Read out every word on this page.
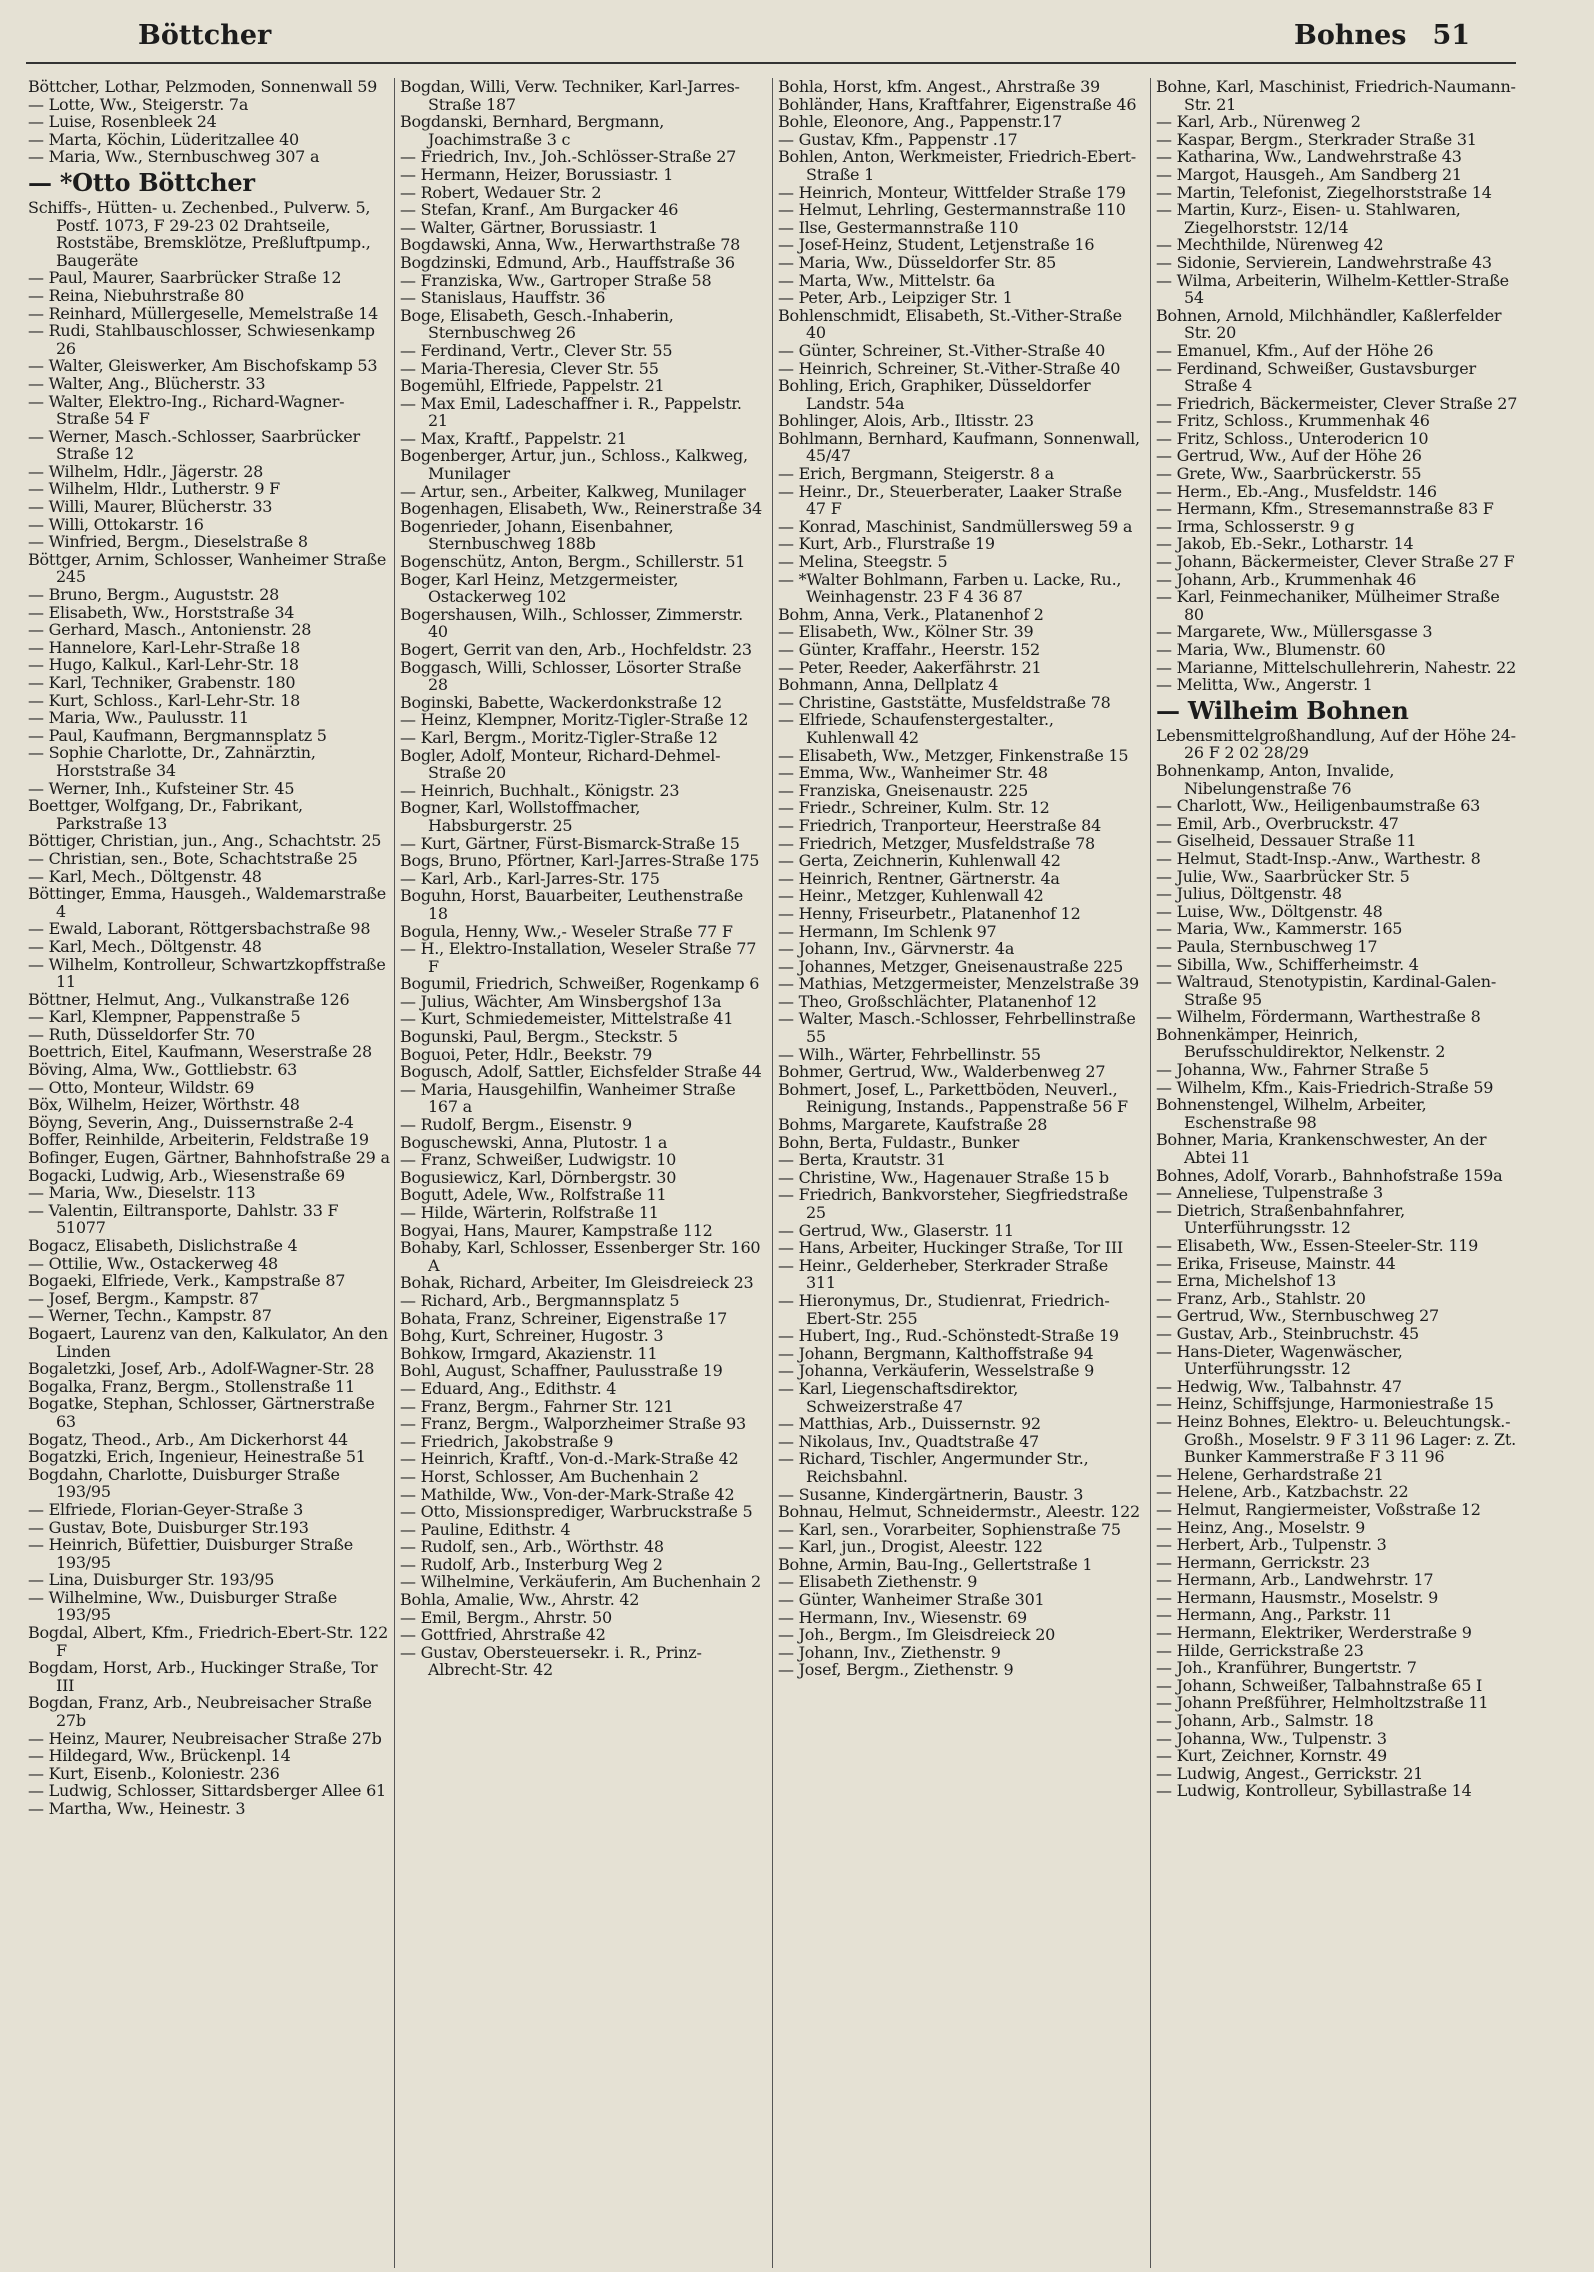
Böttcher	Bohnes 51
Böttcher, Lothar, Pelzmoden, Sonnenwall 59
— Lotte, Ww., Steigerstr. 7a
— Luise, Rosenbleek 24
— Marta, Köchin, Lüderitzallee 40
— Maria, Ww., Sternbuschweg 307 a
— *Otto Böttcher
Schiffs-, Hütten- u. Zechenbed., Pulverw. 5, Postf. 1073, F 29-23 02 Drahtseile, Roststäbe, Bremsklötze, Preßluftpump., Baugeräte
— Paul, Maurer, Saarbrücker Straße 12
— Reina, Niebuhrstraße 80
— Reinhard, Müllergeselle, Memelstraße 14
— Rudi, Stahlbauschlosser, Schwiesenkamp 26
— Walter, Gleiswerker, Am Bischofskamp 53
— Walter, Ang., Blücherstr. 33
— Walter, Elektro-Ing., Richard-Wagner-Straße 54 F
— Werner, Masch.-Schlosser, Saarbrücker Straße 12
— Wilhelm, Hdlr., Jägerstr. 28
— Wilhelm, Hldr., Lutherstr. 9 F
— Willi, Maurer, Blücherstr. 33
— Willi, Ottokarstr. 16
— Winfried, Bergm., Dieselstraße 8
Böttger, Arnim, Schlosser, Wanheimer Straße 245
— Bruno, Bergm., Auguststr. 28
— Elisabeth, Ww., Horststraße 34
— Gerhard, Masch., Antonienstr. 28
— Hannelore, Karl-Lehr-Straße 18
— Hugo, Kalkul., Karl-Lehr-Str. 18
— Karl, Techniker, Grabenstr. 180
— Kurt, Schloss., Karl-Lehr-Str. 18
— Maria, Ww., Paulusstr. 11
— Paul, Kaufmann, Bergmannsplatz 5
— Sophie Charlotte, Dr., Zahnärztin, Horststraße 34
— Werner, Inh., Kufsteiner Str. 45
Boettger, Wolfgang, Dr., Fabrikant, Parkstraße 13
Böttiger, Christian, jun., Ang., Schachtstr. 25
— Christian, sen., Bote, Schachtstraße 25
— Karl, Mech., Döltgenstr. 48
Böttinger, Emma, Hausgeh., Waldemarstraße 4
— Ewald, Laborant, Röttgersbachstraße 98
— Karl, Mech., Döltgenstr. 48
— Wilhelm, Kontrolleur, Schwartzkopffstraße 11
Böttner, Helmut, Ang., Vulkanstraße 126
— Karl, Klempner, Pappenstraße 5
— Ruth, Düsseldorfer Str. 70
Boettrich, Eitel, Kaufmann, Weserstraße 28
Böving, Alma, Ww., Gottliebstr. 63
— Otto, Monteur, Wildstr. 69
Böx, Wilhelm, Heizer, Wörthstr. 48
Böyng, Severin, Ang., Duissernstraße 2-4
Boffer, Reinhilde, Arbeiterin, Feldstraße 19
Bofinger, Eugen, Gärtner, Bahnhofstraße 29 a
Bogacki, Ludwig, Arb., Wiesenstraße 69
— Maria, Ww., Dieselstr. 113
— Valentin, Eiltransporte, Dahlstr. 33 F 51077
Bogacz, Elisabeth, Dislichstraße 4
— Ottilie, Ww., Ostackerweg 48
Bogaeki, Elfriede, Verk., Kampstraße 87
— Josef, Bergm., Kampstr. 87
— Werner, Techn., Kampstr. 87
Bogaert, Laurenz van den, Kalkulator, An den Linden
Bogaletzki, Josef, Arb., Adolf-Wagner-Str. 28
Bogalka, Franz, Bergm., Stollenstraße 11
Bogatke, Stephan, Schlosser, Gärtnerstraße 63
Bogatz, Theod., Arb., Am Dickerhorst 44
Bogatzki, Erich, Ingenieur, Heinestraße 51
Bogdahn, Charlotte, Duisburger Straße 193/95
— Elfriede, Florian-Geyer-Straße 3
— Gustav, Bote, Duisburger Str.193
— Heinrich, Büfettier, Duisburger Straße 193/95
— Lina, Duisburger Str. 193/95
— Wilhelmine, Ww., Duisburger Straße 193/95
Bogdal, Albert, Kfm., Friedrich-Ebert-Str. 122 F
Bogdam, Horst, Arb., Huckinger Straße, Tor III
Bogdan, Franz, Arb., Neubreisacher Straße 27b
— Heinz, Maurer, Neubreisacher Straße 27b
— Hildegard, Ww., Brückenpl. 14
— Kurt, Eisenb., Koloniestr. 236
— Ludwig, Schlosser, Sittardsberger Allee 61
— Martha, Ww., Heinestr. 3
Bogdan, Willi, Verw. Techniker, Karl-Jarres-Straße 187
Bogdanski, Bernhard, Bergmann, Joachimstraße 3 c
— Friedrich, Inv., Joh.-Schlösser-Straße 27
— Hermann, Heizer, Borussiastr. 1
— Robert, Wedauer Str. 2
— Stefan, Kranf., Am Burgacker 46
— Walter, Gärtner, Borussiastr. 1
Bogdawski, Anna, Ww., Herwarthstraße 78
Bogdzinski, Edmund, Arb., Hauffstraße 36
— Franziska, Ww., Gartroper Straße 58
— Stanislaus, Hauffstr. 36
Boge, Elisabeth, Gesch.-Inhaberin, Sternbuschweg 26
— Ferdinand, Vertr., Clever Str. 55
— Maria-Theresia, Clever Str. 55
Bogemühl, Elfriede, Pappelstr. 21
— Max Emil, Ladeschaffner i. R., Pappelstr. 21
— Max, Kraftf., Pappelstr. 21
Bogenberger, Artur, jun., Schloss., Kalkweg, Munilager
— Artur, sen., Arbeiter, Kalkweg, Munilager
Bogenhagen, Elisabeth, Ww., Reinerstraße 34
Bogenrieder, Johann, Eisenbahner, Sternbuschweg 188b
Bogenschütz, Anton, Bergm., Schillerstr. 51
Boger, Karl Heinz, Metzgermeister, Ostackerweg 102
Bogershausen, Wilh., Schlosser, Zimmerstr. 40
Bogert, Gerrit van den, Arb., Hochfeldstr. 23
Boggasch, Willi, Schlosser, Lösorter Straße 28
Boginski, Babette, Wackerdonkstraße 12
— Heinz, Klempner, Moritz-Tigler-Straße 12
— Karl, Bergm., Moritz-Tigler-Straße 12
Bogler, Adolf, Monteur, Richard-Dehmel-Straße 20
— Heinrich, Buchhalt., Königstr. 23
Bogner, Karl, Wollstoffmacher, Habsburgerstr. 25
— Kurt, Gärtner, Fürst-Bismarck-Straße 15
Bogs, Bruno, Pförtner, Karl-Jarres-Straße 175
— Karl, Arb., Karl-Jarres-Str. 175
Boguhn, Horst, Bauarbeiter, Leuthenstraße 18
Bogula, Henny, Ww.,- Weseler Straße 77 F
— H., Elektro-Installation, Weseler Straße 77 F
Bogumil, Friedrich, Schweißer, Rogenkamp 6
— Julius, Wächter, Am Winsbergshof 13a
— Kurt, Schmiedemeister, Mittelstraße 41
Bogunski, Paul, Bergm., Steckstr. 5
Boguoi, Peter, Hdlr., Beekstr. 79
Bogusch, Adolf, Sattler, Eichsfelder Straße 44
— Maria, Hausgehilfin, Wanheimer Straße 167 a
— Rudolf, Bergm., Eisenstr. 9
Boguschewski, Anna, Plutostr. 1 a
— Franz, Schweißer, Ludwigstr. 10
Bogusiewicz, Karl, Dörnbergstr. 30
Bogutt, Adele, Ww., Rolfstraße 11
— Hilde, Wärterin, Rolfstraße 11
Bogyai, Hans, Maurer, Kampstraße 112
Bohaby, Karl, Schlosser, Essenberger Str. 160 A
Bohak, Richard, Arbeiter, Im Gleisdreieck 23
— Richard, Arb., Bergmannsplatz 5
Bohata, Franz, Schreiner, Eigenstraße 17
Bohg, Kurt, Schreiner, Hugostr. 3
Bohkow, Irmgard, Akazienstr. 11
Bohl, August, Schaffner, Paulusstraße 19
— Eduard, Ang., Edithstr. 4
— Franz, Bergm., Fahrner Str. 121
— Franz, Bergm., Walporzheimer Straße 93
— Friedrich, Jakobstraße 9
— Heinrich, Kraftf., Von-d.-Mark-Straße 42
— Horst, Schlosser, Am Buchenhain 2
— Mathilde, Ww., Von-der-Mark-Straße 42
— Otto, Missionsprediger, Warbruckstraße 5
— Pauline, Edithstr. 4
— Rudolf, sen., Arb., Wörthstr. 48
— Rudolf, Arb., Insterburg Weg 2
— Wilhelmine, Verkäuferin, Am Buchenhain 2
Bohla, Amalie, Ww., Ahrstr. 42
— Emil, Bergm., Ahrstr. 50
— Gottfried, Ahrstraße 42
— Gustav, Obersteuersekr. i. R., Prinz-Albrecht-Str. 42
Bohla, Horst, kfm. Angest., Ahrstraße 39
Bohländer, Hans, Kraftfahrer, Eigenstraße 46
Bohle, Eleonore, Ang., Pappenstr.17
— Gustav, Kfm., Pappenstr .17
Bohlen, Anton, Werkmeister, Friedrich-Ebert-Straße 1
— Heinrich, Monteur, Wittfelder Straße 179
— Helmut, Lehrling, Gestermannstraße 110
— Ilse, Gestermannstraße 110
— Josef-Heinz, Student, Letjenstraße 16
— Maria, Ww., Düsseldorfer Str. 85
— Marta, Ww., Mittelstr. 6a
— Peter, Arb., Leipziger Str. 1
Bohlenschmidt, Elisabeth, St.-Vither-Straße 40
— Günter, Schreiner, St.-Vither-Straße 40
— Heinrich, Schreiner, St.-Vither-Straße 40
Bohling, Erich, Graphiker, Düsseldorfer Landstr. 54a
Bohlinger, Alois, Arb., Iltisstr. 23
Bohlmann, Bernhard, Kaufmann, Sonnenwall, 45/47
— Erich, Bergmann, Steigerstr. 8 a
— Heinr., Dr., Steuerberater, Laaker Straße 47 F
— Konrad, Maschinist, Sandmüllersweg 59 a
— Kurt, Arb., Flurstraße 19
— Melina, Steegstr. 5
— *Walter Bohlmann, Farben u. Lacke, Ru., Weinhagenstr. 23 F 4 36 87
Bohm, Anna, Verk., Platanenhof 2
— Elisabeth, Ww., Kölner Str. 39
— Günter, Kraffahr., Heerstr. 152
— Peter, Reeder, Aakerfährstr. 21
Bohmann, Anna, Dellplatz 4
— Christine, Gaststätte, Musfeldstraße 78
— Elfriede, Schaufenstergestalter., Kuhlenwall 42
— Elisabeth, Ww., Metzger, Finkenstraße 15
— Emma, Ww., Wanheimer Str. 48
— Franziska, Gneisenaustr. 225
— Friedr., Schreiner, Kulm. Str. 12
— Friedrich, Tranporteur, Heerstraße 84
— Friedrich, Metzger, Musfeldstraße 78
— Gerta, Zeichnerin, Kuhlenwall 42
— Heinrich, Rentner, Gärtnerstr. 4a
— Heinr., Metzger, Kuhlenwall 42
— Henny, Friseurbetr., Platanenhof 12
— Hermann, Im Schlenk 97
— Johann, Inv., Gärvnerstr. 4a
— Johannes, Metzger, Gneisenaustraße 225
— Mathias, Metzgermeister, Menzelstraße 39
— Theo, Großschlächter, Platanenhof 12
— Walter, Masch.-Schlosser, Fehrbellinstraße 55
— Wilh., Wärter, Fehrbellinstr. 55
Bohmer, Gertrud, Ww., Walderbenweg 27
Bohmert, Josef, L., Parkettböden, Neuverl., Reinigung, Instands., Pappenstraße 56 F
Bohms, Margarete, Kaufstraße 28
Bohn, Berta, Fuldastr., Bunker
— Berta, Krautstr. 31
— Christine, Ww., Hagenauer Straße 15 b
— Friedrich, Bankvorsteher, Siegfriedstraße 25
— Gertrud, Ww., Glaserstr. 11
— Hans, Arbeiter, Huckinger Straße, Tor III
— Heinr., Gelderheber, Sterkrader Straße 311
— Hieronymus, Dr., Studienrat, Friedrich-Ebert-Str. 255
— Hubert, Ing., Rud.-Schönstedt-Straße 19
— Johann, Bergmann, Kalthoffstraße 94
— Johanna, Verkäuferin, Wesselstraße 9
— Karl, Liegenschaftsdirektor, Schweizerstraße 47
— Matthias, Arb., Duissernstr. 92
— Nikolaus, Inv., Quadtstraße 47
— Richard, Tischler, Angermunder Str., Reichsbahnl.
— Susanne, Kindergärtnerin, Baustr. 3
Bohnau, Helmut, Schneidermstr., Aleestr. 122
— Karl, sen., Vorarbeiter, Sophienstraße 75
— Karl, jun., Drogist, Aleestr. 122
Bohne, Armin, Bau-Ing., Gellertstraße 1
— Elisabeth Ziethenstr. 9
— Günter, Wanheimer Straße 301
— Hermann, Inv., Wiesenstr. 69
— Joh., Bergm., Im Gleisdreieck 20
— Johann, Inv., Ziethenstr. 9
— Josef, Bergm., Ziethenstr. 9
Bohne, Karl, Maschinist, Friedrich-Naumann-Str. 21
— Karl, Arb., Nürenweg 2
— Kaspar, Bergm., Sterkrader Straße 31
— Katharina, Ww., Landwehrstraße 43
— Margot, Hausgeh., Am Sandberg 21
— Martin, Telefonist, Ziegelhorststraße 14
— Martin, Kurz-, Eisen- u. Stahlwaren, Ziegelhorststr. 12/14
— Mechthilde, Nürenweg 42
— Sidonie, Servierein, Landwehrstraße 43
— Wilma, Arbeiterin, Wilhelm-Kettler-Straße 54
Bohnen, Arnold, Milchhändler, Kaßlerfelder Str. 20
— Emanuel, Kfm., Auf der Höhe 26
— Ferdinand, Schweißer, Gustavsburger Straße 4
— Friedrich, Bäckermeister, Clever Straße 27
— Fritz, Schloss., Krummenhak 46
— Fritz, Schloss., Unterodericn 10
— Gertrud, Ww., Auf der Höhe 26
— Grete, Ww., Saarbrückerstr. 55
— Herm., Eb.-Ang., Musfeldstr. 146
— Hermann, Kfm., Stresemannstraße 83 F
— Irma, Schlosserstr. 9 g
— Jakob, Eb.-Sekr., Lotharstr. 14
— Johann, Bäckermeister, Clever Straße 27 F
— Johann, Arb., Krummenhak 46
— Karl, Feinmechaniker, Mülheimer Straße 80
— Margarete, Ww., Müllersgasse 3
— Maria, Ww., Blumenstr. 60
— Marianne, Mittelschullehrerin, Nahestr. 22
— Melitta, Ww., Angerstr. 1
— Wilheim Bohnen
Lebensmittelgroßhandlung, Auf der Höhe 24-26 F 2 02 28/29
Bohnenkamp, Anton, Invalide, Nibelungenstraße 76
— Charlott, Ww., Heiligenbaumstraße 63
— Emil, Arb., Overbruckstr. 47
— Giselheid, Dessauer Straße 11
— Helmut, Stadt-Insp.-Anw., Warthestr. 8
— Julie, Ww., Saarbrücker Str. 5
— Julius, Döltgenstr. 48
— Luise, Ww., Döltgenstr. 48
— Maria, Ww., Kammerstr. 165
— Paula, Sternbuschweg 17
— Sibilla, Ww., Schifferheimstr. 4
— Waltraud, Stenotypistin, Kardinal-Galen-Straße 95
— Wilhelm, Fördermann, Warthestraße 8
Bohnenkämper, Heinrich, Berufsschuldirektor, Nelkenstr. 2
— Johanna, Ww., Fahrner Straße 5
— Wilhelm, Kfm., Kais-Friedrich-Straße 59
Bohnenstengel, Wilhelm, Arbeiter, Eschenstraße 98
Bohner, Maria, Krankenschwester, An der Abtei 11
Bohnes, Adolf, Vorarb., Bahnhofstraße 159a
— Anneliese, Tulpenstraße 3
— Dietrich, Straßenbahnfahrer, Unterführungsstr. 12
— Elisabeth, Ww., Essen-Steeler-Str. 119
— Erika, Friseuse, Mainstr. 44
— Erna, Michelshof 13
— Franz, Arb., Stahlstr. 20
— Gertrud, Ww., Sternbuschweg 27
— Gustav, Arb., Steinbruchstr. 45
— Hans-Dieter, Wagenwäscher, Unterführungsstr. 12
— Hedwig, Ww., Talbahnstr. 47
— Heinz, Schiffsjunge, Harmoniestraße 15
— Heinz Bohnes, Elektro- u. Beleuchtungsk.-Großh., Moselstr. 9 F 3 11 96 Lager: z. Zt. Bunker Kammerstraße F 3 11 96
— Helene, Gerhardstraße 21
— Helene, Arb., Katzbachstr. 22
— Helmut, Rangiermeister, Voßstraße 12
— Heinz, Ang., Moselstr. 9
— Herbert, Arb., Tulpenstr. 3
— Hermann, Gerrickstr. 23
— Hermann, Arb., Landwehrstr. 17
— Hermann, Hausmstr., Moselstr. 9
— Hermann, Ang., Parkstr. 11
— Hermann, Elektriker, Werderstraße 9
— Hilde, Gerrickstraße 23
— Joh., Kranführer, Bungertstr. 7
— Johann, Schweißer, Talbahnstraße 65 I
— Johann Preßführer, Helmholtzstraße 11
— Johann, Arb., Salmstr. 18
— Johanna, Ww., Tulpenstr. 3
— Kurt, Zeichner, Kornstr. 49
— Ludwig, Angest., Gerrickstr. 21
— Ludwig, Kontrolleur, Sybillastraße 14
